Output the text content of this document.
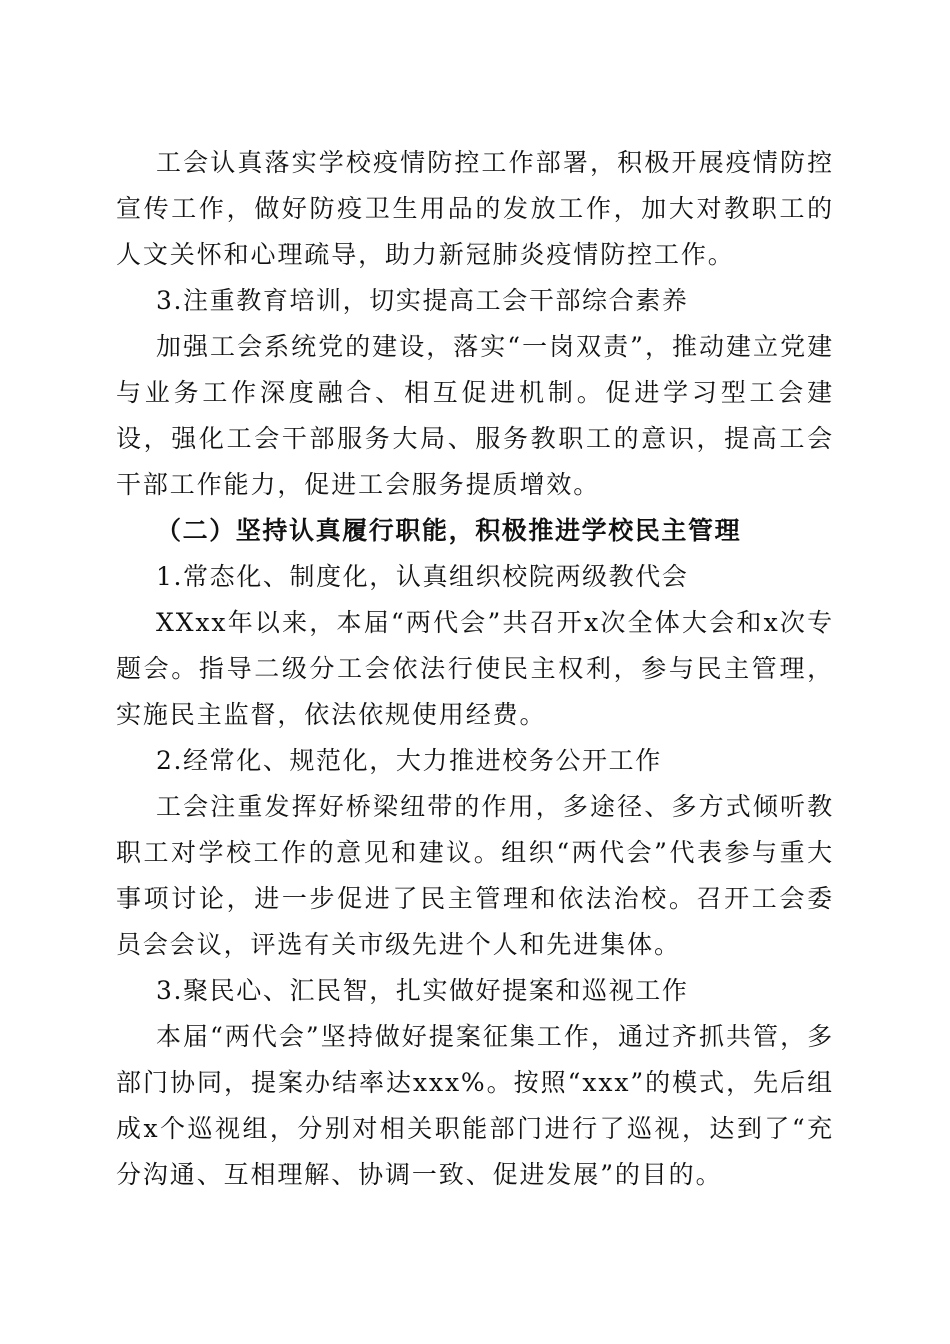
工会认真落实学校疫情防控工作部署，积极开展疫情防控宣传工作，做好防疫卫生用品的发放工作，加大对教职工的人文关怀和心理疏导，助力新冠肺炎疫情防控工作。

3.注重教育培训，切实提高工会干部综合素养

加强工会系统党的建设，落实“一岗双责”，推动建立党建与业务工作深度融合、相互促进机制。促进学习型工会建设，强化工会干部服务大局、服务教职工的意识，提高工会干部工作能力，促进工会服务提质增效。

（二）坚持认真履行职能，积极推进学校民主管理

1.常态化、制度化，认真组织校院两级教代会

XXxx年以来，本届“两代会”共召开x次全体大会和x次专题会。指导二级分工会依法行使民主权利，参与民主管理，实施民主监督，依法依规使用经费。

2.经常化、规范化，大力推进校务公开工作

工会注重发挥好桥梁纽带的作用，多途径、多方式倾听教职工对学校工作的意见和建议。组织“两代会”代表参与重大事项讨论，进一步促进了民主管理和依法治校。召开工会委员会会议，评选有关市级先进个人和先进集体。

3.聚民心、汇民智，扎实做好提案和巡视工作

本届“两代会”坚持做好提案征集工作，通过齐抓共管，多部门协同，提案办结率达xxx%。按照“xxx”的模式，先后组成x个巡视组，分别对相关职能部门进行了巡视，达到了“充分沟通、互相理解、协调一致、促进发展”的目的。
